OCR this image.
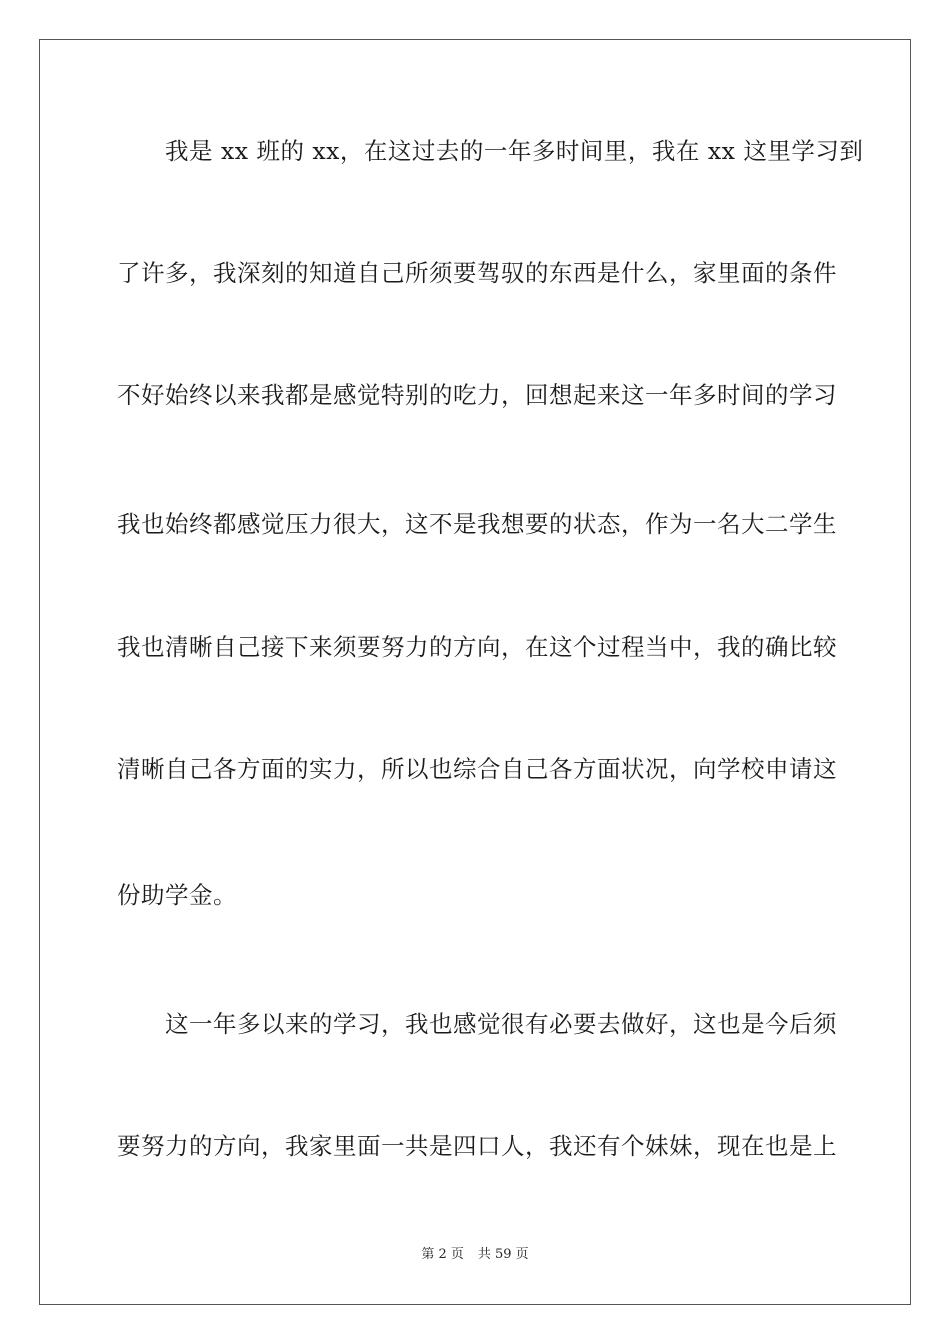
我是 xx 班的 xx，在这过去的一年多时间里，我在 xx 这里学习到
了许多，我深刻的知道自己所须要驾驭的东西是什么，家里面的条件
不好始终以来我都是感觉特别的吃力，回想起来这一年多时间的学习
我也始终都感觉压力很大，这不是我想要的状态，作为一名大二学生
我也清晰自己接下来须要努力的方向，在这个过程当中，我的确比较
清晰自己各方面的实力，所以也综合自己各方面状况，向学校申请这
份助学金。
这一年多以来的学习，我也感觉很有必要去做好，这也是今后须
要努力的方向，我家里面一共是四口人，我还有个妹妹，现在也是上
第 2 页 共 59 页
